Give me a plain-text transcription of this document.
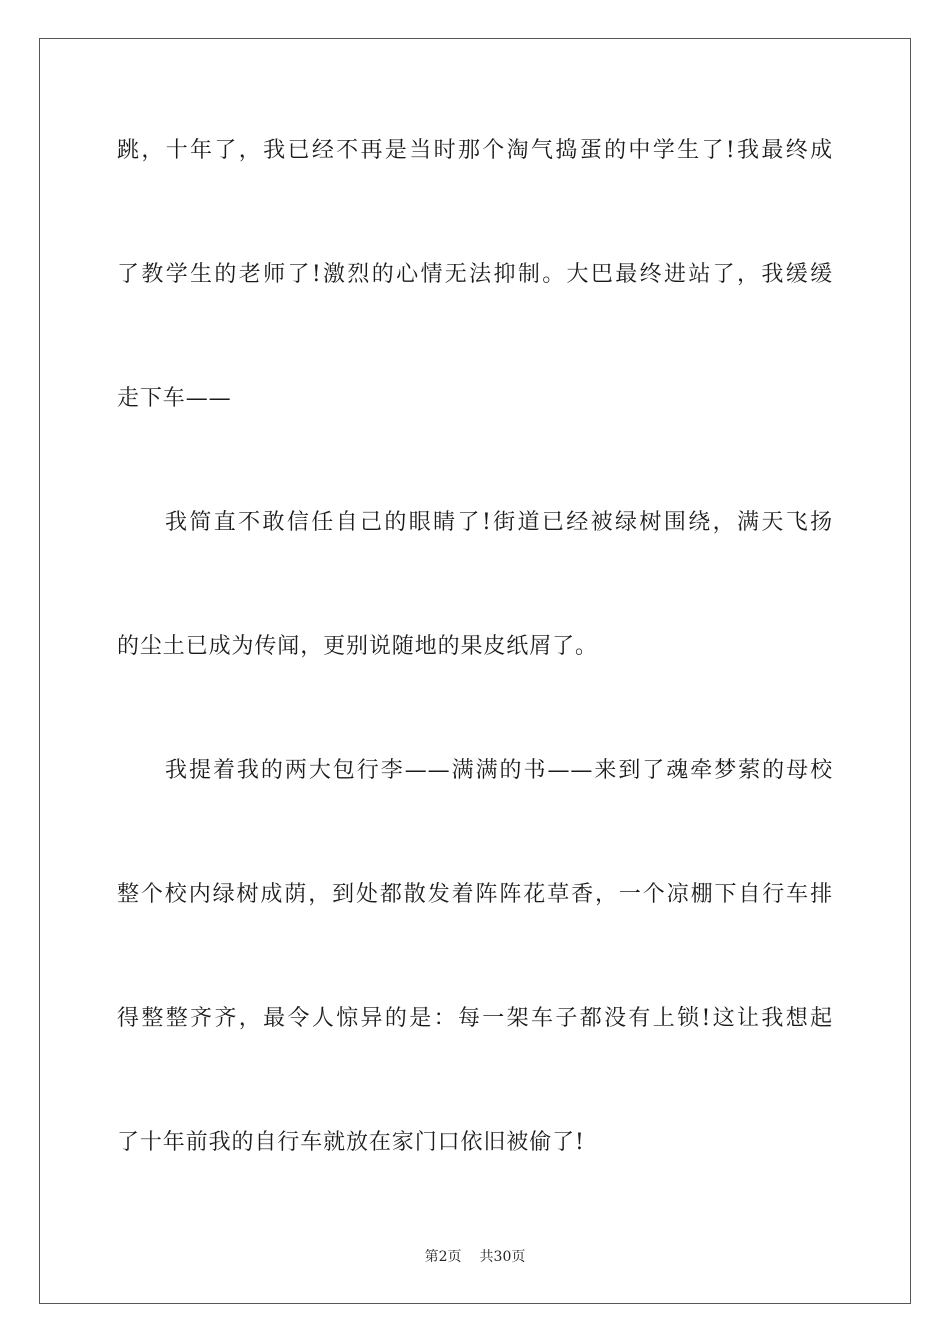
跳，十年了，我已经不再是当时那个淘气捣蛋的中学生了!我最终成
了教学生的老师了!激烈的心情无法抑制。大巴最终进站了，我缓缓
走下车——
我简直不敢信任自己的眼睛了!街道已经被绿树围绕，满天飞扬
的尘土已成为传闻，更别说随地的果皮纸屑了。
我提着我的两大包行李——满满的书——来到了魂牵梦萦的母校
整个校内绿树成荫，到处都散发着阵阵花草香，一个凉棚下自行车排
得整整齐齐，最令人惊异的是：每一架车子都没有上锁!这让我想起
了十年前我的自行车就放在家门口依旧被偷了!
第2页 共30页
